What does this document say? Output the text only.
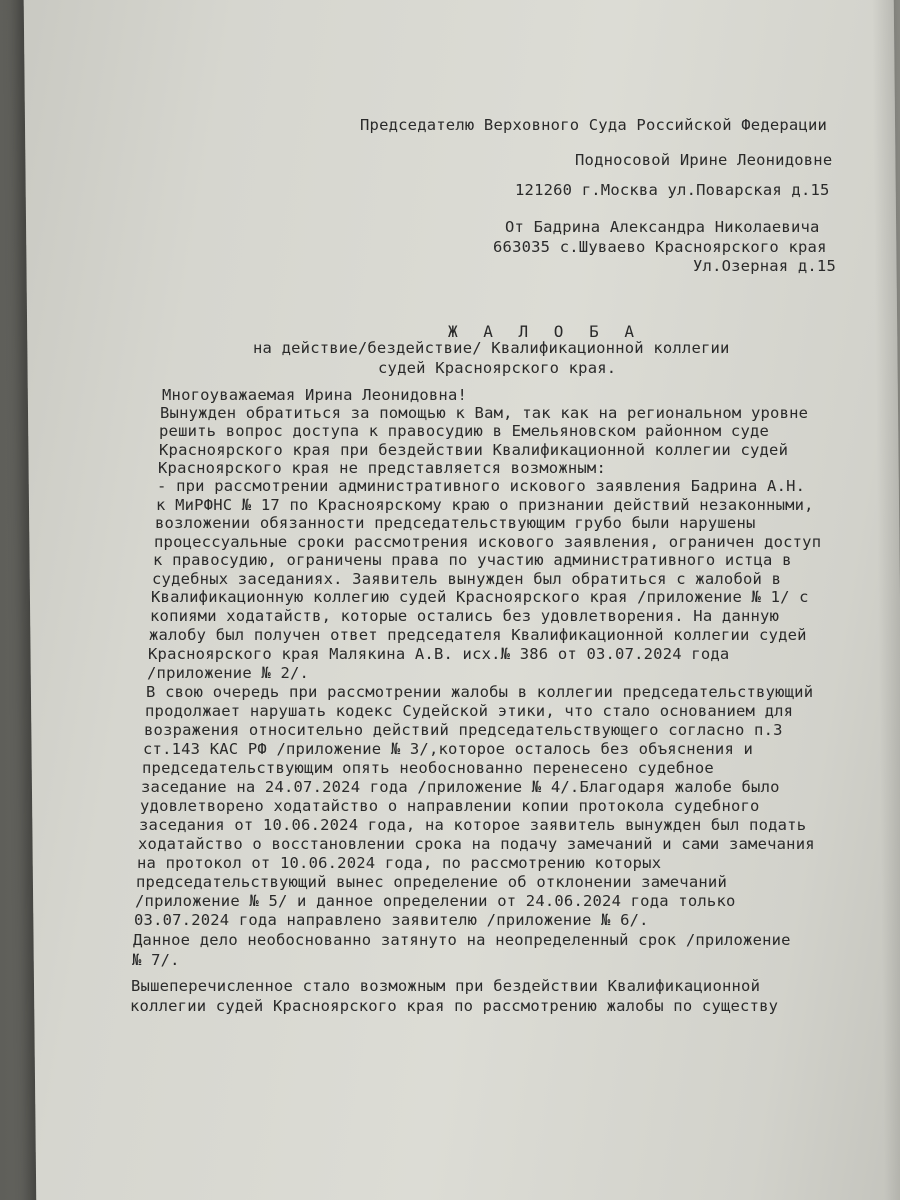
Председателю Верховного Суда Российской Федерации
Подносовой Ирине Леонидовне
121260 г.Москва ул.Поварская д.15
От Бадрина Александра Николаевича
663035 с.Шуваево Красноярского края
Ул.Озерная д.15
Ж А Л О Б А
на действие/бездействие/ Квалификационной коллегии
судей Красноярского края.
Многоуважаемая Ирина Леонидовна!
Вынужден обратиться за помощью к Вам, так как на региональном уровне
решить вопрос доступа к правосудию в Емельяновском районном суде
Красноярского края при бездействии Квалификационной коллегии судей
Красноярского края не представляется возможным:
- при рассмотрении административного искового заявления Бадрина А.Н.
к МиРФНС № 17 по Красноярскому краю о признании действий незаконными,
возложении обязанности председательствующим грубо были нарушены
процессуальные сроки рассмотрения искового заявления, ограничен доступ
к правосудию, ограничены права по участию административного истца в
судебных заседаниях. Заявитель вынужден был обратиться с жалобой в
Квалификационную коллегию судей Красноярского края /приложение № 1/ с
копиями ходатайств, которые остались без удовлетворения. На данную
жалобу был получен ответ председателя Квалификационной коллегии судей
Красноярского края Малякина А.В. исх.№ 386 от 03.07.2024 года
/приложение № 2/.
В свою очередь при рассмотрении жалобы в коллегии председательствующий
продолжает нарушать кодекс Судейской этики, что стало основанием для
возражения относительно действий председательствующего согласно п.3
ст.143 КАС РФ /приложение № 3/,которое осталось без объяснения и
председательствующим опять необоснованно перенесено судебное
заседание на 24.07.2024 года /приложение № 4/.Благодаря жалобе было
удовлетворено ходатайство о направлении копии протокола судебного
заседания от 10.06.2024 года, на которое заявитель вынужден был подать
ходатайство о восстановлении срока на подачу замечаний и сами замечания
на протокол от 10.06.2024 года, по рассмотрению которых
председательствующий вынес определение об отклонении замечаний
/приложение № 5/ и данное определении от 24.06.2024 года только
03.07.2024 года направлено заявителю /приложение № 6/.
Данное дело необоснованно затянуто на неопределенный срок /приложение
№ 7/.
Вышеперечисленное стало возможным при бездействии Квалификационной
коллегии судей Красноярского края по рассмотрению жалобы по существу
